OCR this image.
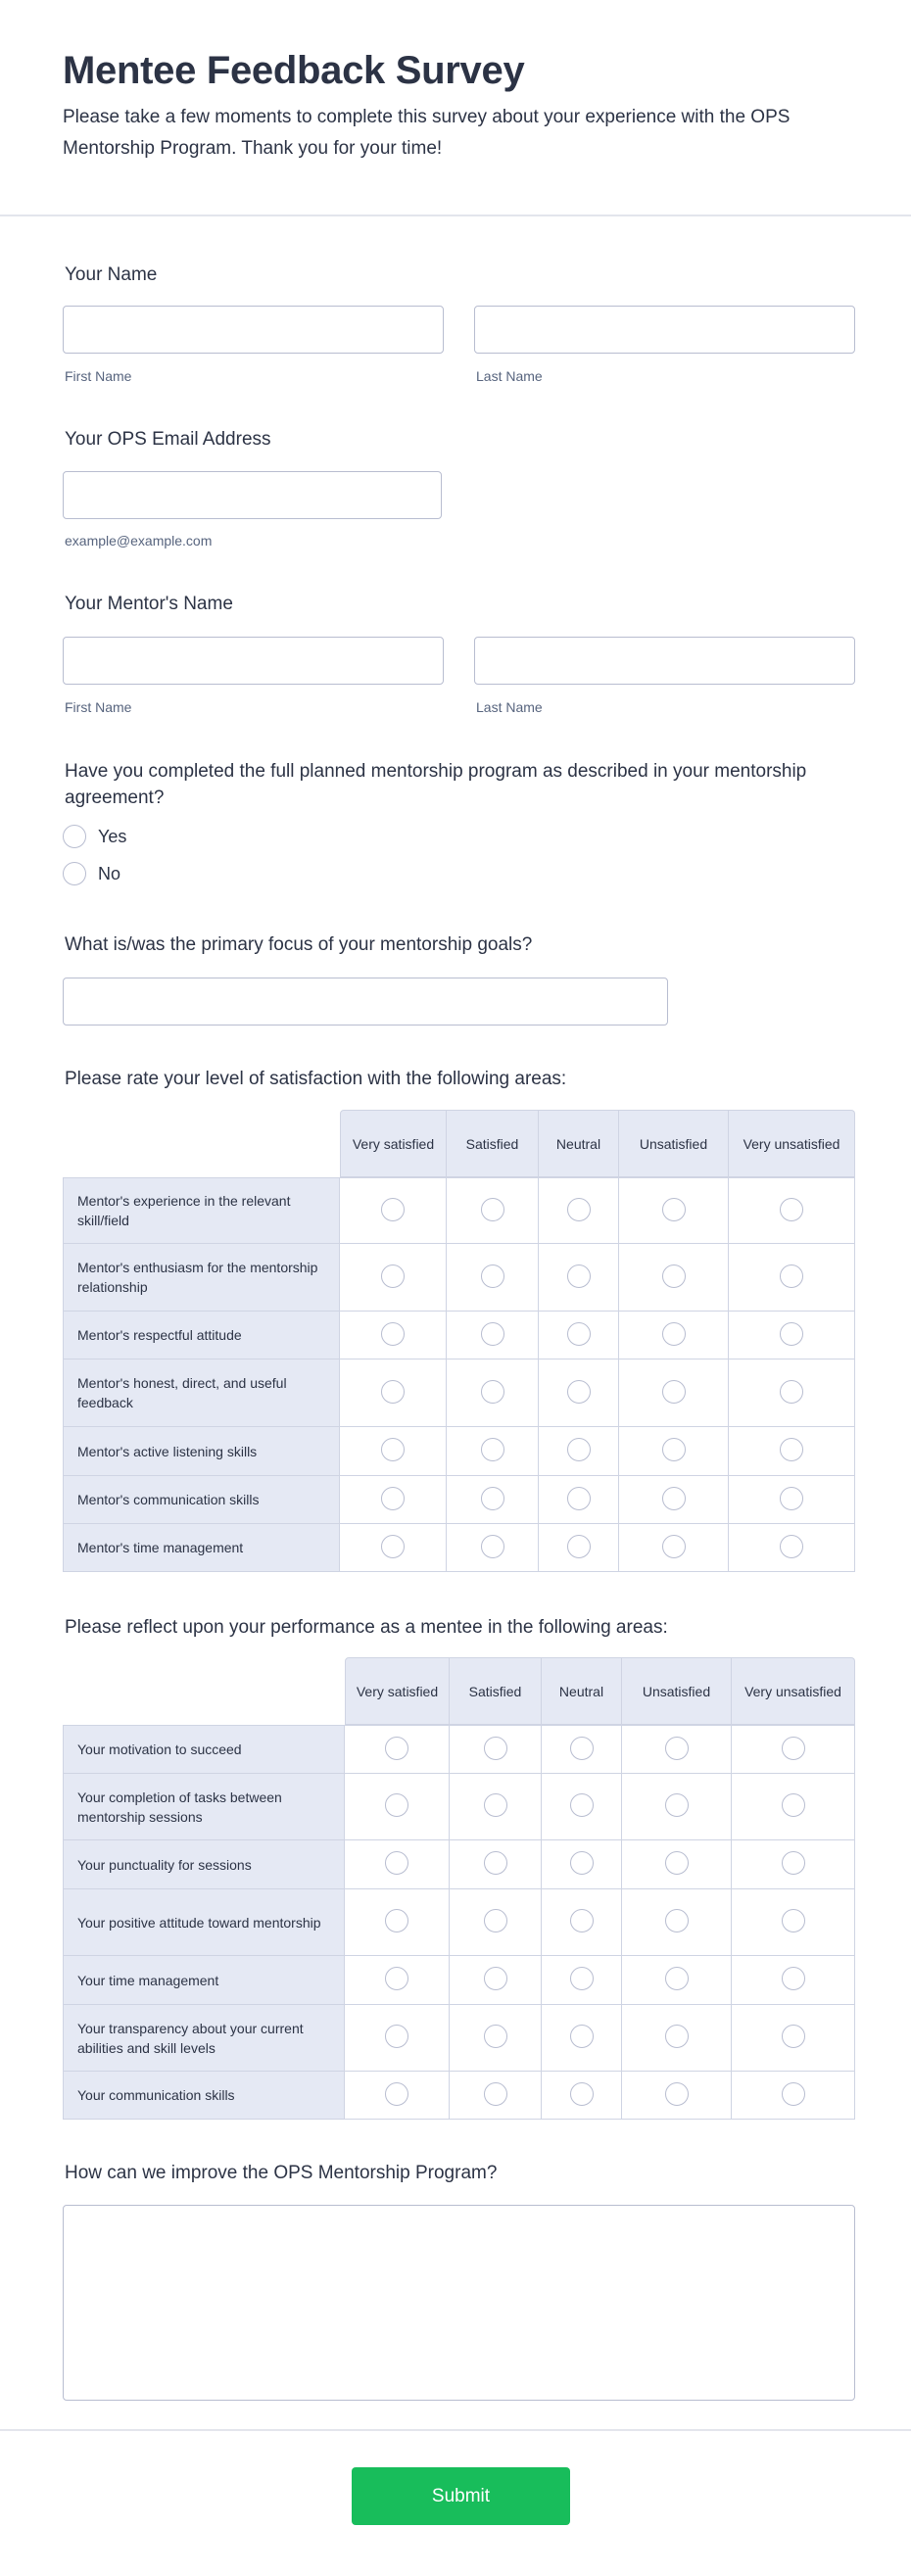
Mentee Feedback Survey

Please take a few moments to complete this survey about your experience with the OPS Mentorship Program. Thank you for your time!

Your Name
First Name	Last Name
Your OPS Email Address
example@example.com
Your Mentor's Name
First Name	Last Name
Have you completed the full planned mentorship program as described in your mentorship agreement?
Yes
No
What is/was the primary focus of your mentorship goals?
Please rate your level of satisfaction with the following areas:
	Very satisfied	Satisfied	Neutral	Unsatisfied	Very unsatisfied
Mentor's experience in the relevant skill/field					
Mentor's enthusiasm for the mentorship relationship					
Mentor's respectful attitude					
Mentor's honest, direct, and useful feedback					
Mentor's active listening skills					
Mentor's communication skills					
Mentor's time management					
Please reflect upon your performance as a mentee in the following areas:
	Very satisfied	Satisfied	Neutral	Unsatisfied	Very unsatisfied
Your motivation to succeed					
Your completion of tasks between mentorship sessions					
Your punctuality for sessions					
Your positive attitude toward mentorship					
Your time management					
Your transparency about your current abilities and skill levels					
Your communication skills					
How can we improve the OPS Mentorship Program?
Submit
